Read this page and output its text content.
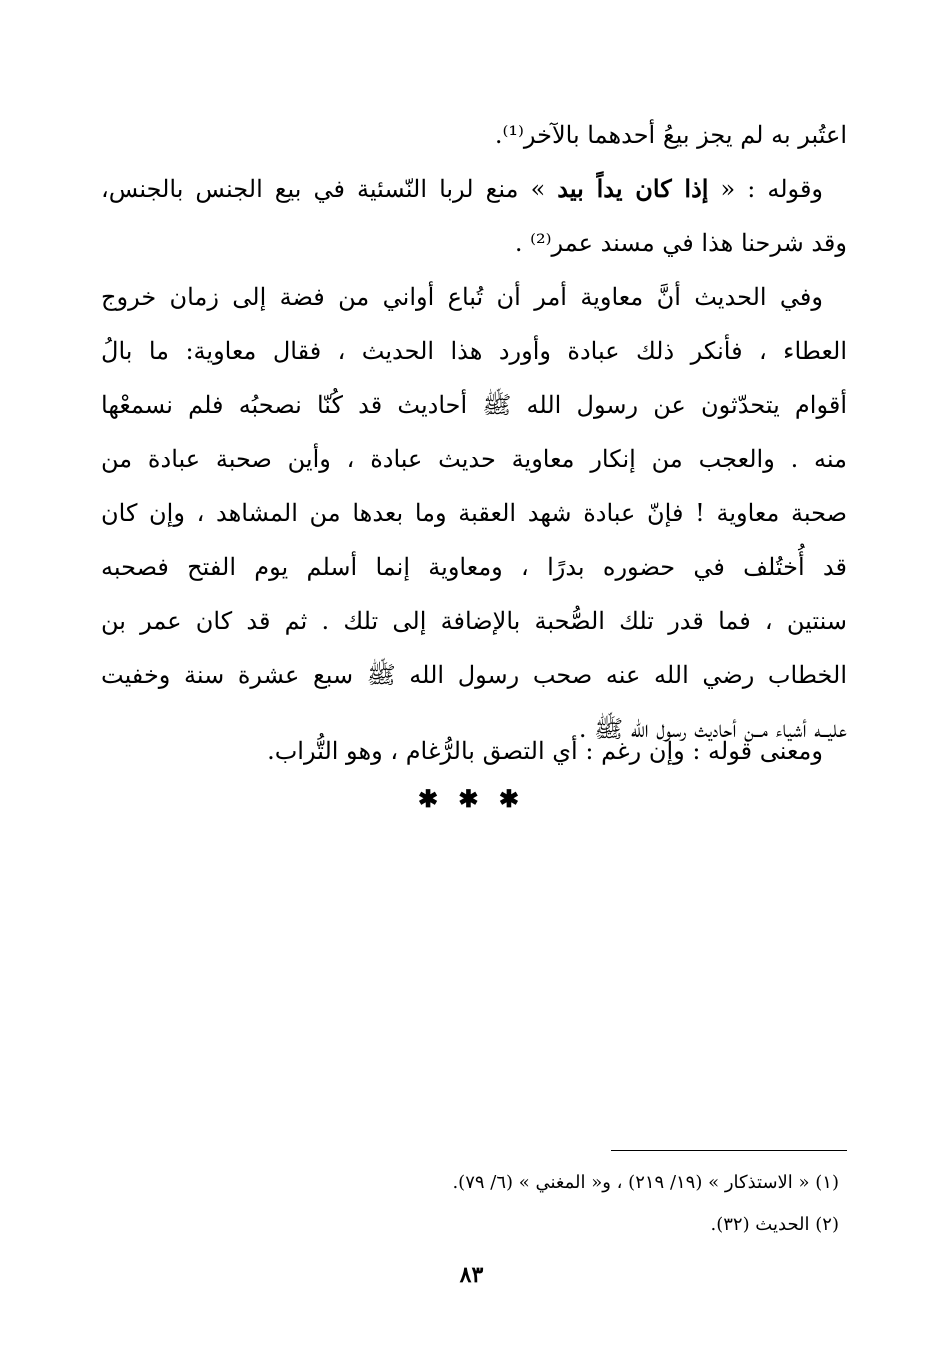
اعتُبر به لم يجز بيعُ أحدهما بالآخر⁽¹⁾.
وقوله : « إذا كان يداً بيد » منع لربا النّسئية في بيع الجنس بالجنس،
وقد شرحنا هذا في مسند عمر⁽²⁾ .
وفي الحديث أنَّ معاوية أمر أن تُباع أواني من فضة إلى زمان خروج
العطاء ، فأنكر ذلك عبادة وأورد هذا الحديث ، فقال معاوية: ما بالُ
أقوام يتحدّثون عن رسول الله ﷺ أحاديث قد كُنّا نصحبُه فلم نسمعْها
منه . والعجب من إنكار معاوية حديث عبادة ، وأين صحبة عبادة من
صحبة معاوية ! فإنّ عبادة شهد العقبة وما بعدها من المشاهد ، وإن كان
قد أُختُلف في حضوره بدرًا ، ومعاوية إنما أسلم يوم الفتح فصحبه
سنتين ، فما قدر تلك الصُّحبة بالإضافة إلى تلك . ثم قد كان عمر بن
الخطاب رضي الله عنه صحب رسول الله ﷺ سبع عشرة سنة وخفيت
عليــه أشياء مــن أحاديث رسول الله ﷺ .
ومعنى قوله : وإن رغم : أي التصق بالرُّغام ، وهو التُّراب.
✱ ✱ ✱
(١) « الاستذكار » (١٩/ ٢١٩) ، و« المغني » (٦/ ٧٩).
(٢) الحديث (٣٢).
٨٣
